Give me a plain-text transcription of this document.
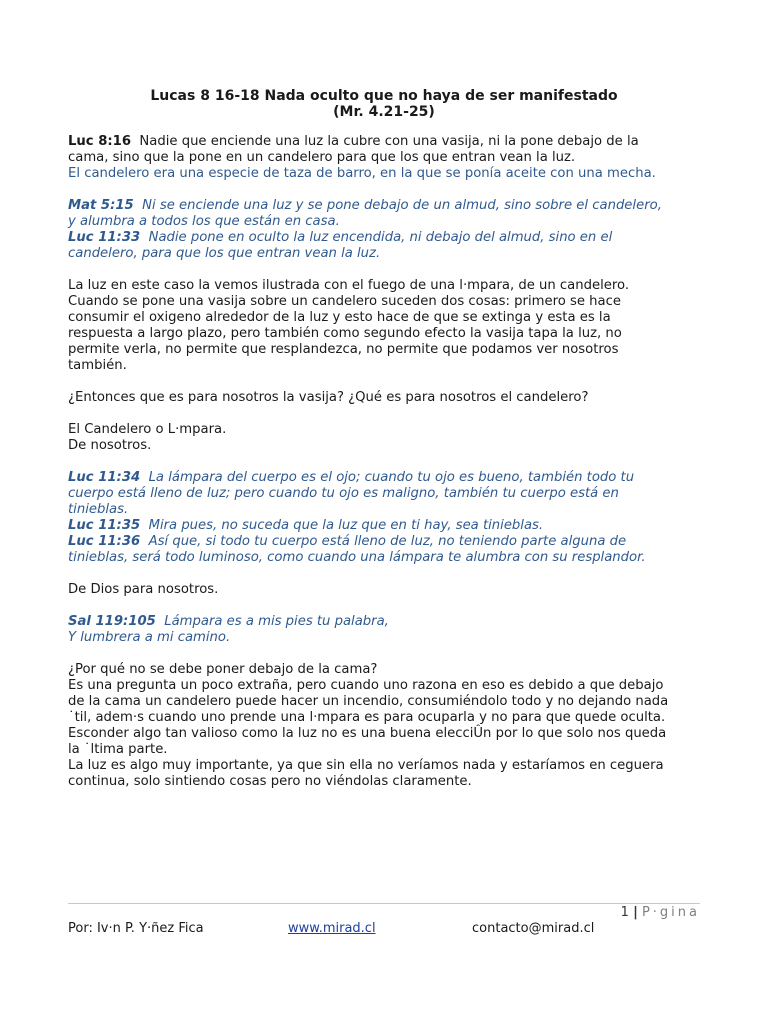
Lucas 8 16-18 Nada oculto que no haya de ser manifestado
(Mr. 4.21-25)
Luc 8:16 Nadie que enciende una luz la cubre con una vasija, ni la pone debajo de la
cama, sino que la pone en un candelero para que los que entran vean la luz.
El candelero era una especie de taza de barro, en la que se ponía aceite con una mecha.
Mat 5:15 Ni se enciende una luz y se pone debajo de un almud, sino sobre el candelero,
y alumbra a todos los que están en casa.
Luc 11:33 Nadie pone en oculto la luz encendida, ni debajo del almud, sino en el
candelero, para que los que entran vean la luz.
La luz en este caso la vemos ilustrada con el fuego de una l·mpara, de un candelero.
Cuando se pone una vasija sobre un candelero suceden dos cosas: primero se hace
consumir el oxigeno alrededor de la luz y esto hace de que se extinga y esta es la
respuesta a largo plazo, pero también como segundo efecto la vasija tapa la luz, no
permite verla, no permite que resplandezca, no permite que podamos ver nosotros
también.
¿Entonces que es para nosotros la vasija? ¿Qué es para nosotros el candelero?
El Candelero o L·mpara.
De nosotros.
Luc 11:34 La lámpara del cuerpo es el ojo; cuando tu ojo es bueno, también todo tu
cuerpo está lleno de luz; pero cuando tu ojo es maligno, también tu cuerpo está en
tinieblas.
Luc 11:35 Mira pues, no suceda que la luz que en ti hay, sea tinieblas.
Luc 11:36 Así que, si todo tu cuerpo está lleno de luz, no teniendo parte alguna de
tinieblas, será todo luminoso, como cuando una lámpara te alumbra con su resplandor.
De Dios para nosotros.
Sal 119:105 Lámpara es a mis pies tu palabra,
Y lumbrera a mi camino.
¿Por qué no se debe poner debajo de la cama?
Es una pregunta un poco extraña, pero cuando uno razona en eso es debido a que debajo
de la cama un candelero puede hacer un incendio, consumiéndolo todo y no dejando nada
˙til, adem·s cuando uno prende una l·mpara es para ocuparla y no para que quede oculta.
Esconder algo tan valioso como la luz no es una buena elecciÛn por lo que solo nos queda
la ˙ltima parte.
La luz es algo muy importante, ya que sin ella no veríamos nada y estaríamos en ceguera
continua, solo sintiendo cosas pero no viéndolas claramente.
1 | P·gina
Por: Iv·n P. Y·ñez Fica	www.mirad.cl	contacto@mirad.cl
